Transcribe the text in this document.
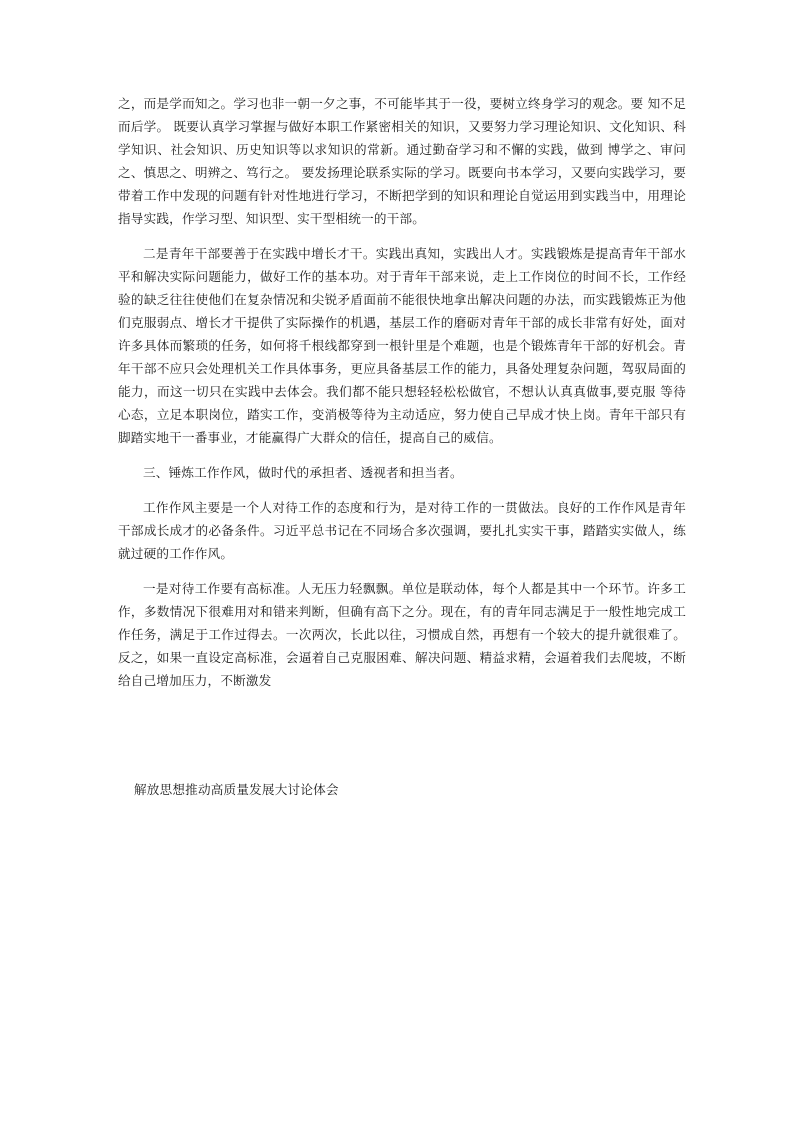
之，而是学而知之。学习也非一朝一夕之事，不可能毕其于一役，要树立终身学习的观念。要 知不足而后学。 既要认真学习掌握与做好本职工作紧密相关的知识，又要努力学习理论知识、文化知识、科学知识、社会知识、历史知识等以求知识的常新。通过勤奋学习和不懈的实践，做到 博学之、审问之、慎思之、明辨之、笃行之。 要发扬理论联系实际的学习。既要向书本学习，又要向实践学习，要带着工作中发现的问题有针对性地进行学习，不断把学到的知识和理论自觉运用到实践当中，用理论指导实践，作学习型、知识型、实干型相统一的干部。

二是青年干部要善于在实践中增长才干。实践出真知，实践出人才。实践锻炼是提高青年干部水平和解决实际问题能力，做好工作的基本功。对于青年干部来说，走上工作岗位的时间不长，工作经验的缺乏往往使他们在复杂情况和尖锐矛盾面前不能很快地拿出解决问题的办法，而实践锻炼正为他们克服弱点、增长才干提供了实际操作的机遇，基层工作的磨砺对青年干部的成长非常有好处，面对许多具体而繁琐的任务，如何将千根线都穿到一根针里是个难题，也是个锻炼青年干部的好机会。青年干部不应只会处理机关工作具体事务，更应具备基层工作的能力，具备处理复杂问题，驾驭局面的能力，而这一切只在实践中去体会。我们都不能只想轻轻松松做官，不想认认真真做事,要克服 等待 心态，立足本职岗位，踏实工作，变消极等待为主动适应，努力使自己早成才快上岗。青年干部只有脚踏实地干一番事业，才能赢得广大群众的信任，提高自己的威信。

三、锤炼工作作风，做时代的承担者、透视者和担当者。

工作作风主要是一个人对待工作的态度和行为，是对待工作的一贯做法。良好的工作作风是青年干部成长成才的必备条件。习近平总书记在不同场合多次强调，要扎扎实实干事，踏踏实实做人，练就过硬的工作作风。

一是对待工作要有高标准。人无压力轻飘飘。单位是联动体，每个人都是其中一个环节。许多工作，多数情况下很难用对和错来判断，但确有高下之分。现在，有的青年同志满足于一般性地完成工作任务，满足于工作过得去。一次两次，长此以往，习惯成自然，再想有一个较大的提升就很难了。反之，如果一直设定高标准，会逼着自己克服困难、解决问题、精益求精，会逼着我们去爬坡，不断给自己增加压力，不断激发

解放思想推动高质量发展大讨论体会
